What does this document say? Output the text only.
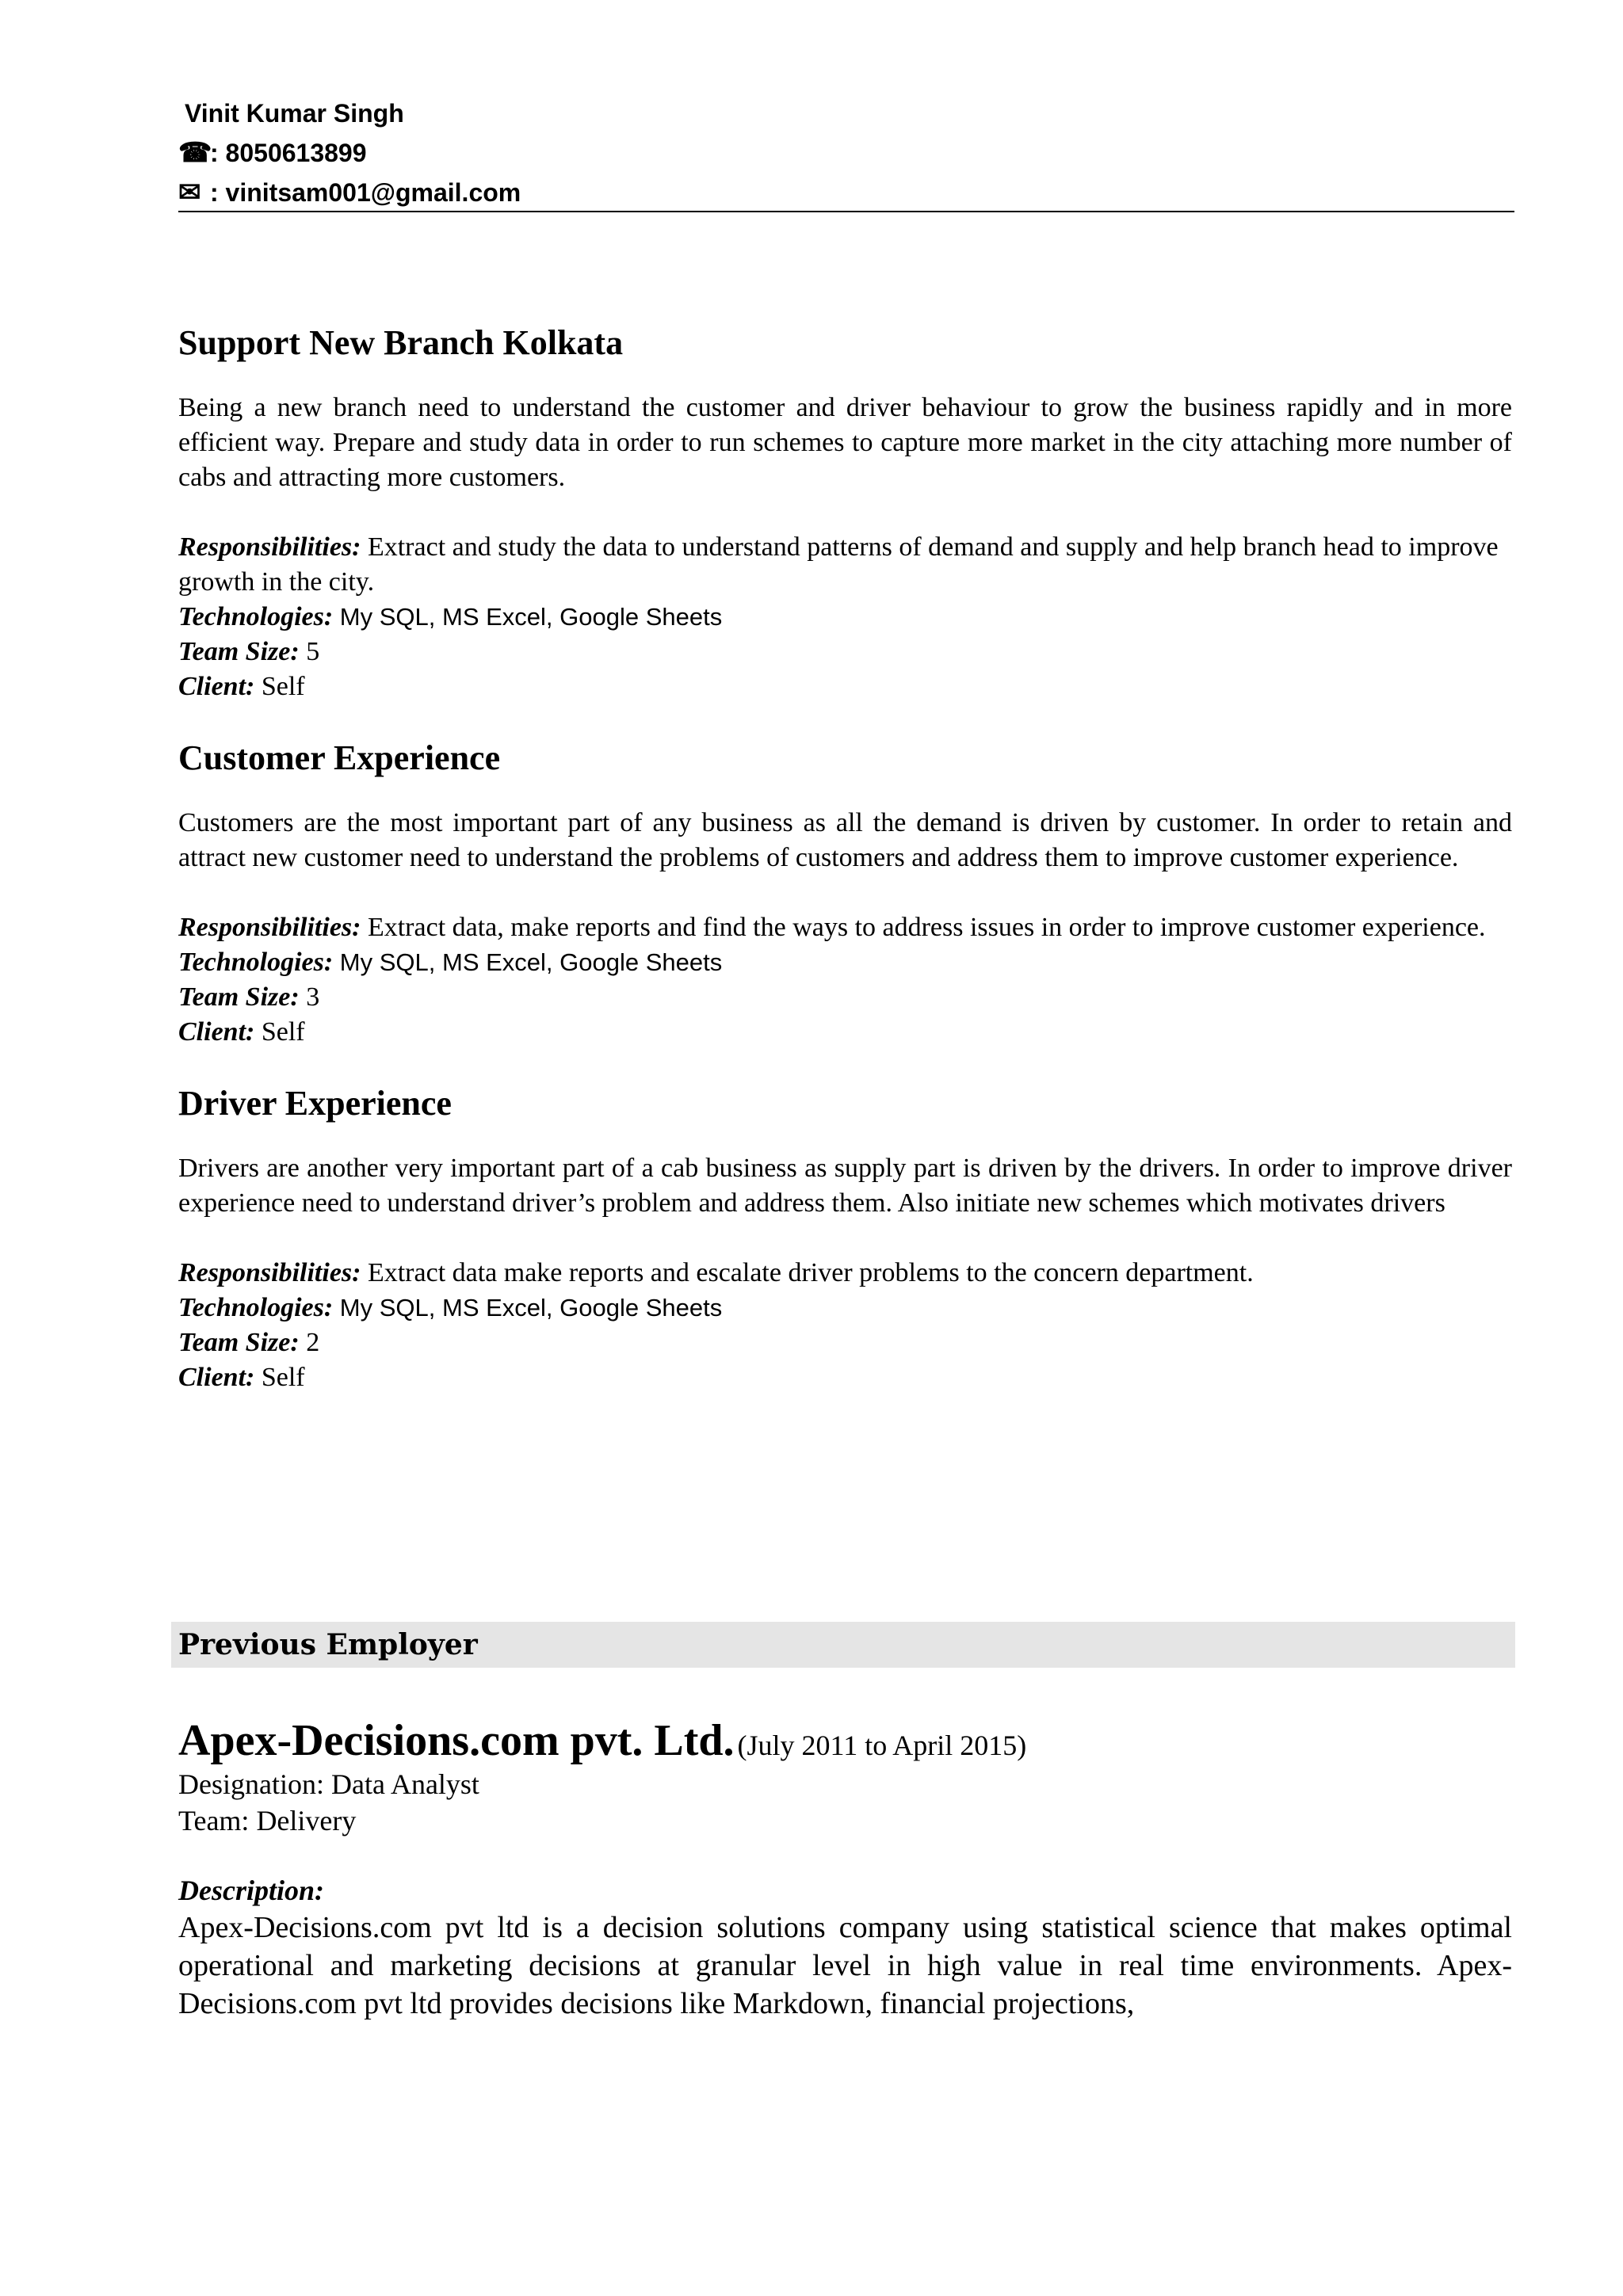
Vinit Kumar Singh
☎
: 8050613899
✉ : vinitsam001@gmail.com
Support New Branch Kolkata

Being a new branch need to understand the customer and driver behaviour to grow the business rapidly and in more efficient way. Prepare and study data in order to run schemes to capture more market in the city attaching more number of cabs and attracting more customers.

Responsibilities: Extract and study the data to understand patterns of demand and supply and help branch head to improve growth in the city.

Technologies: My SQL, MS Excel, Google Sheets

Team Size: 5

Client: Self

Customer Experience

Customers are the most important part of any business as all the demand is driven by customer. In order to retain and attract new customer need to understand the problems of customers and address them to improve customer experience.

Responsibilities: Extract data, make reports and find the ways to address issues in order to improve customer experience.

Technologies: My SQL, MS Excel, Google Sheets

Team Size: 3

Client: Self

Driver Experience

Drivers are another very important part of a cab business as supply part is driven by the drivers. In order to improve driver experience need to understand driver’s problem and address them. Also initiate new schemes which motivates drivers

Responsibilities: Extract data make reports and escalate driver problems to the concern department.

Technologies: My SQL, MS Excel, Google Sheets

Team Size: 2

Client: Self

Previous Employer
Apex-Decisions.com pvt. Ltd. (July 2011 to April 2015)

Designation: Data Analyst

Team: Delivery

Description:

Apex-Decisions.com pvt ltd is a decision solutions company using statistical science that makes optimal operational and marketing decisions at granular level in high value in real time environments. Apex-Decisions.com pvt ltd provides decisions like Markdown, financial projections,
